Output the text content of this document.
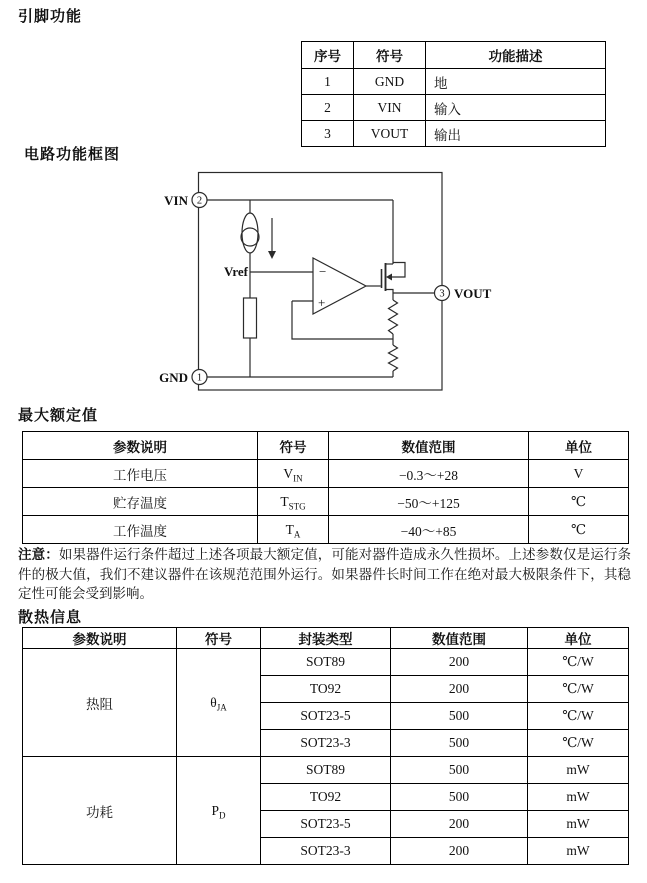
引脚功能
序号	符号	功能描述
1	GND	地
2	VIN	输入
3	VOUT	输出
电路功能框图
−
+
2
VIN
1
GND
3 VOUT
Vref
最大额定值
参数说明	符号	数值范围	单位
工作电压	$V_{IN}$	−0.3～+28	V
贮存温度	$T_{STG}$	−50～+125	℃
工作温度	$T_A$	−40～+85	℃
注意：如果器件运行条件超过上述各项最大额定值，可能对器件造成永久性损坏。上述参数仅是运行条件的极大值，我们不建议器件在该规范范围外运行。如果器件长时间工作在绝对最大极限条件下，其稳定性可能会受到影响。
散热信息
参数说明	符号	封装类型	数值范围	单位
热阻	$\theta_{JA}$	SOT89	200	℃/W
		TO92	200	℃/W
		SOT23-5	500	℃/W
		SOT23-3	500	℃/W
功耗	$P_D$	SOT89	500	mW
		TO92	500	mW
		SOT23-5	200	mW
		SOT23-3	200	mW
